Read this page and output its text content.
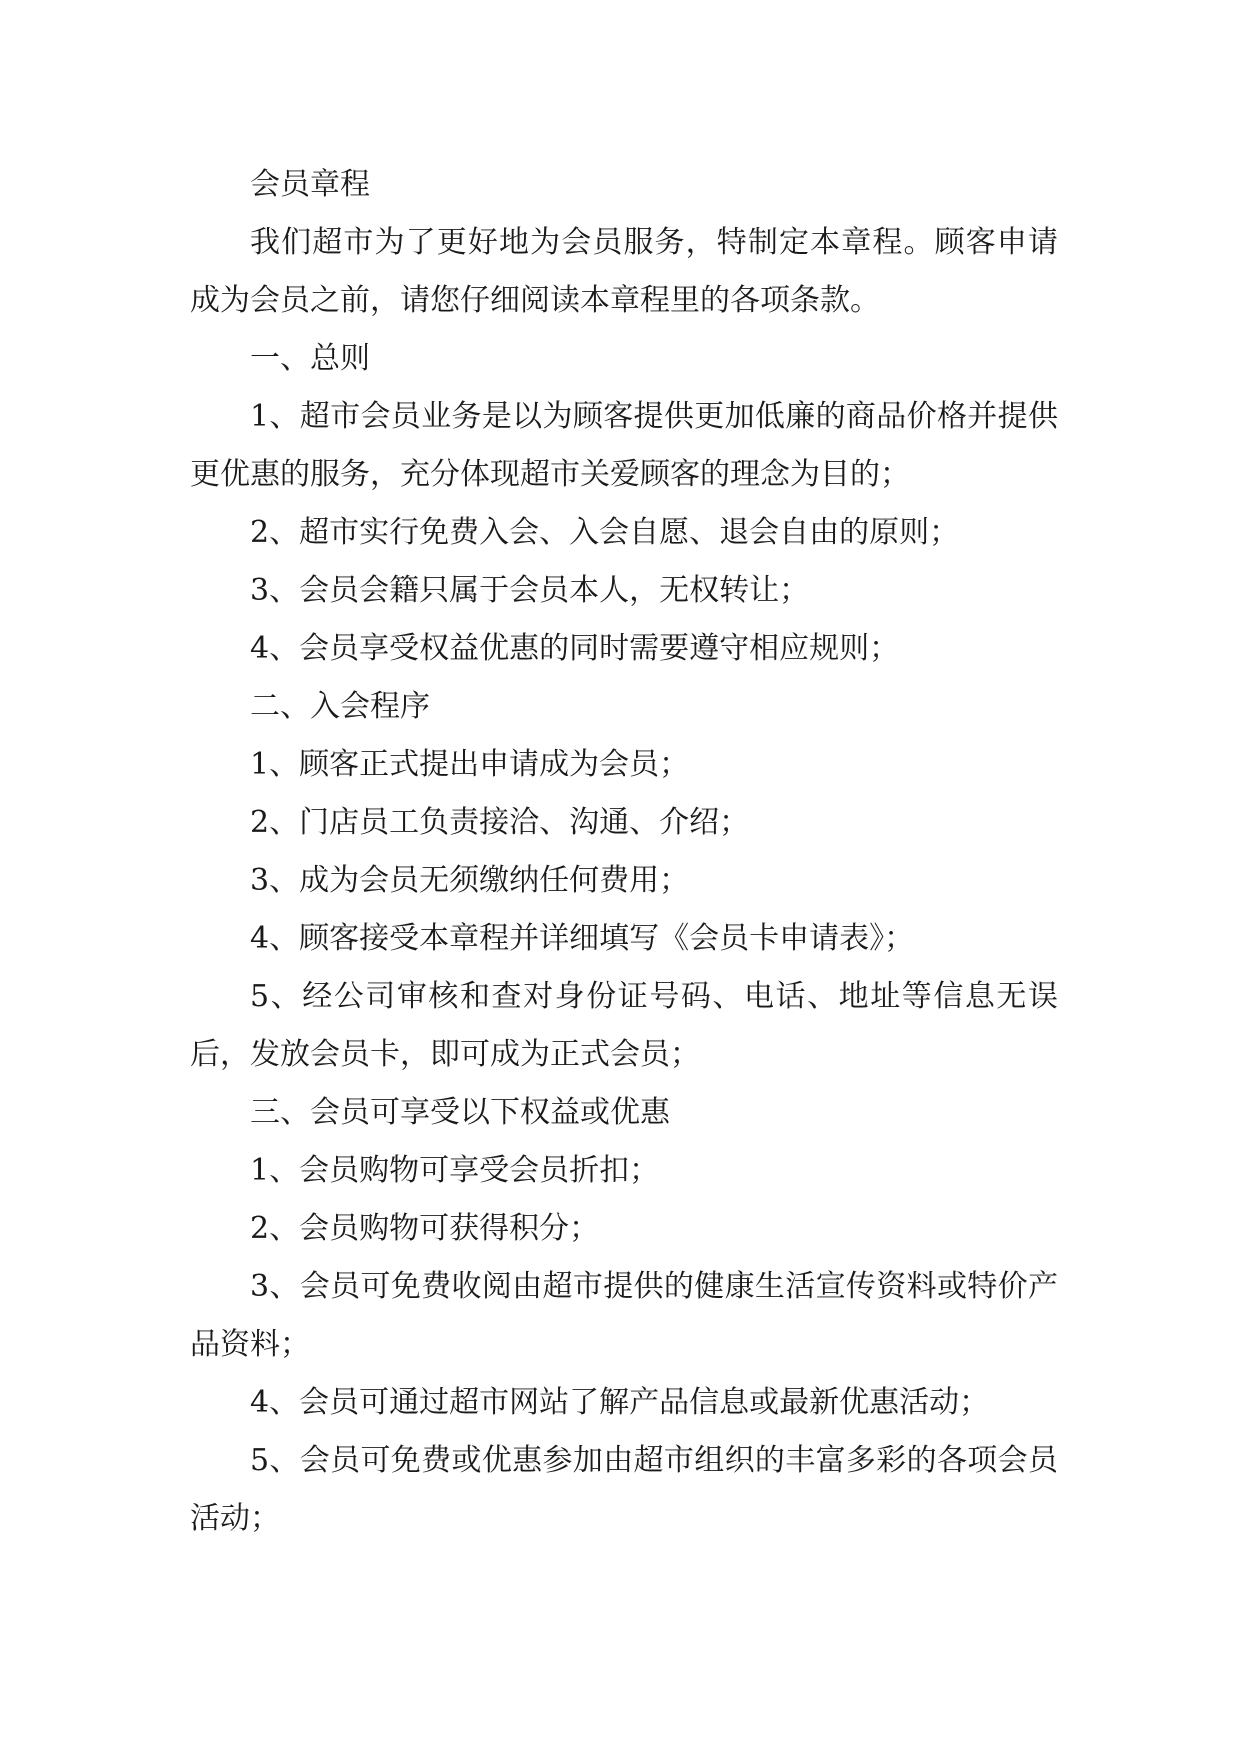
会员章程

我们超市为了更好地为会员服务，特制定本章程。顾客申请成为会员之前，请您仔细阅读本章程里的各项条款。

一、总则

1、超市会员业务是以为顾客提供更加低廉的商品价格并提供更优惠的服务，充分体现超市关爱顾客的理念为目的；

2、超市实行免费入会、入会自愿、退会自由的原则；

3、会员会籍只属于会员本人，无权转让；

4、会员享受权益优惠的同时需要遵守相应规则；

二、入会程序

1、顾客正式提出申请成为会员；

2、门店员工负责接洽、沟通、介绍；

3、成为会员无须缴纳任何费用；

4、顾客接受本章程并详细填写《会员卡申请表》；

5、经公司审核和查对身份证号码、电话、地址等信息无误后，发放会员卡，即可成为正式会员；

三、会员可享受以下权益或优惠

1、会员购物可享受会员折扣；

2、会员购物可获得积分；

3、会员可免费收阅由超市提供的健康生活宣传资料或特价产品资料；

4、会员可通过超市网站了解产品信息或最新优惠活动；

5、会员可免费或优惠参加由超市组织的丰富多彩的各项会员活动；
